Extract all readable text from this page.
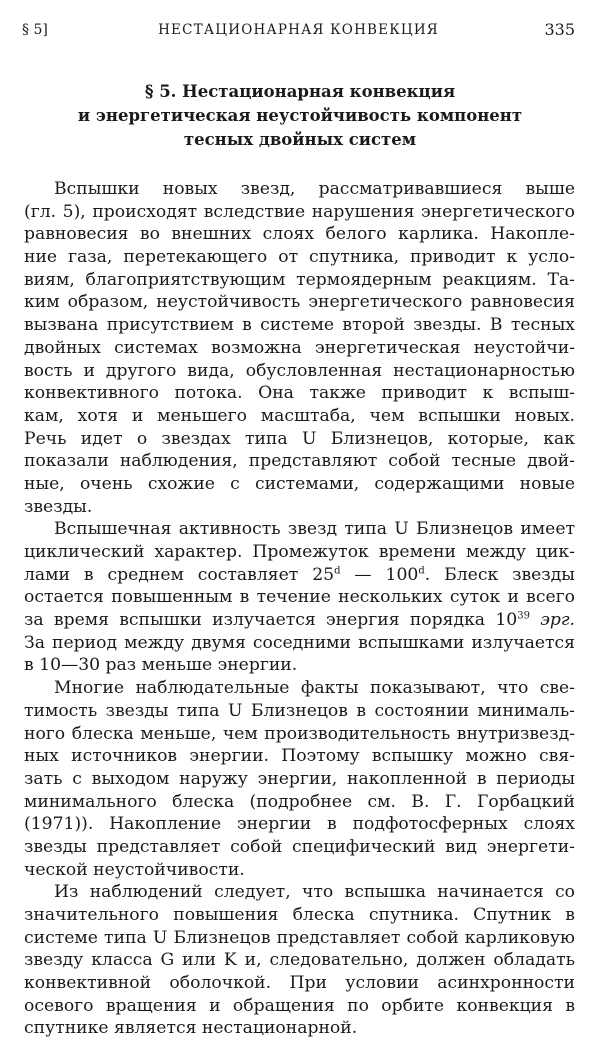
§ 5]	НЕСТАЦИОНАРНАЯ КОНВЕКЦИЯ	335
§ 5. Нестационарная конвекция
и энергетическая неустойчивость компонент
тесных двойных систем
Вспышки новых звезд, рассматривавшиеся выше
(гл. 5), происходят вследствие нарушения энергетического
равновесия во внешних слоях белого карлика. Накопле-
ние газа, перетекающего от спутника, приводит к усло-
виям, благоприятствующим термоядерным реакциям. Та-
ким образом, неустойчивость энергетического равновесия
вызвана присутствием в системе второй звезды. В тесных
двойных системах возможна энергетическая неустойчи-
вость и другого вида, обусловленная нестационарностью
конвективного потока. Она также приводит к вспыш-
кам, хотя и меньшего масштаба, чем вспышки новых.
Речь идет о звездах типа U Близнецов, которые, как
показали наблюдения, представляют собой тесные двой-
ные, очень схожие с системами, содержащими новые
звезды.
Вспышечная активность звезд типа U Близнецов имеет
циклический характер. Промежуток времени между цик-
лами в среднем составляет 25$^d$ — 100$^d$. Блеск звезды
остается повышенным в течение нескольких суток и всего
за время вспышки излучается энергия порядка $10^{39}$ эрг.
За период между двумя соседними вспышками излучается
в 10—30 раз меньше энергии.
Многие наблюдательные факты показывают, что све-
тимость звезды типа U Близнецов в состоянии минималь-
ного блеска меньше, чем производительность внутризвезд-
ных источников энергии. Поэтому вспышку можно свя-
зать с выходом наружу энергии, накопленной в периоды
минимального блеска (подробнее см. В. Г. Горбацкий
(1971)). Накопление энергии в подфотосферных слоях
звезды представляет собой специфический вид энергети-
ческой неустойчивости.
Из наблюдений следует, что вспышка начинается со
значительного повышения блеска спутника. Спутник в
системе типа U Близнецов представляет собой карликовую
звезду класса G или K и, следовательно, должен обладать
конвективной оболочкой. При условии асинхронности
осевого вращения и обращения по орбите конвекция в
спутнике является нестационарной.
